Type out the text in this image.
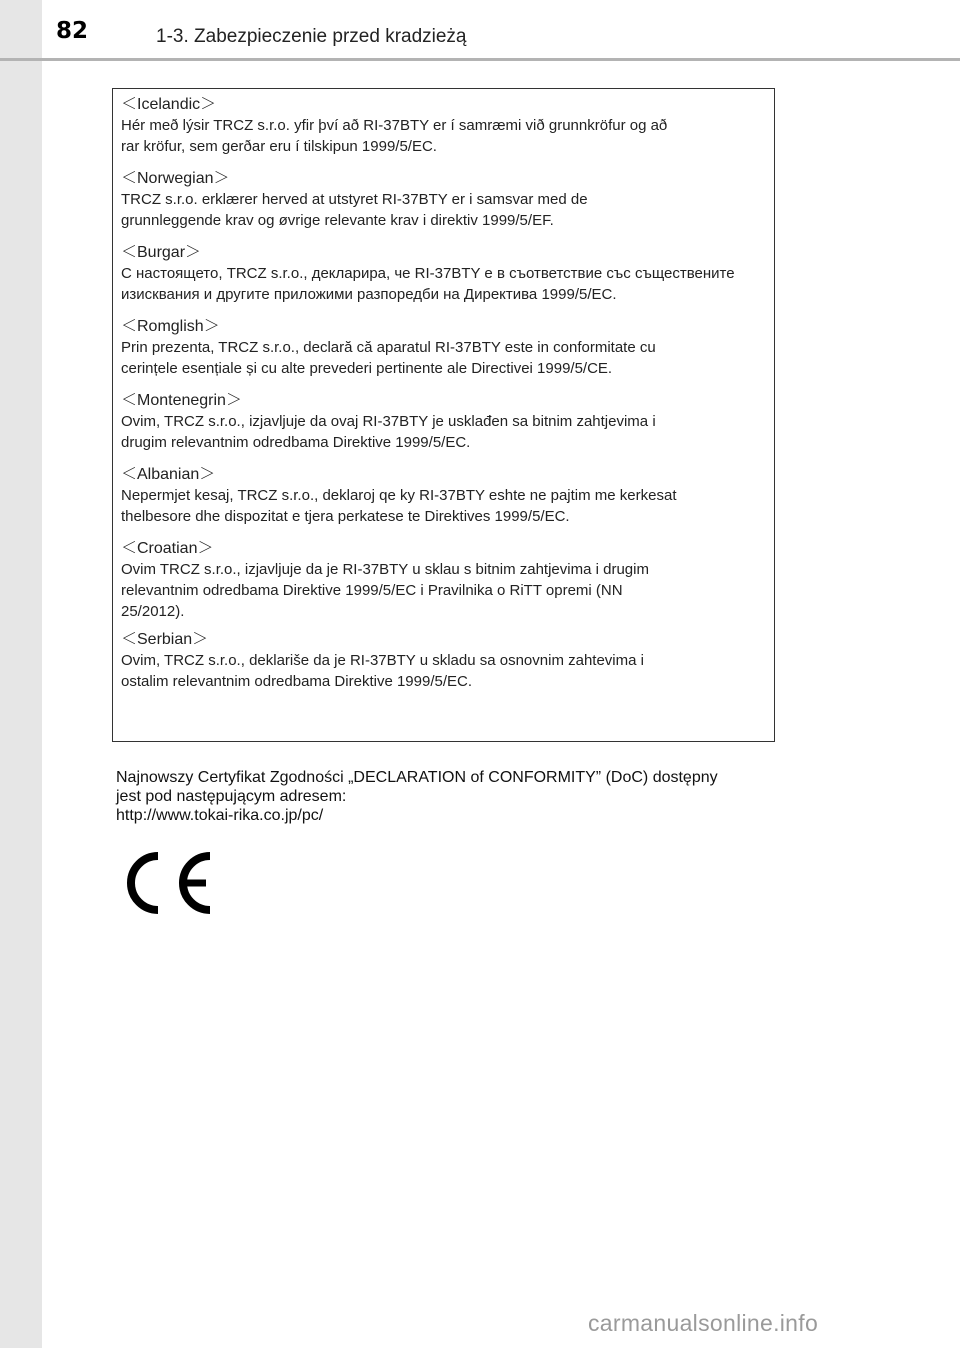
82	1-3. Zabezpieczenie przed kradzieżą

＜Icelandic＞

Hér með lýsir TRCZ s.r.o. yfir því að RI-37BTY er í samræmi við grunnkröfur og að
rar kröfur, sem gerðar eru í tilskipun 1999/5/EC.

＜Norwegian＞

TRCZ s.r.o. erklærer herved at utstyret RI-37BTY er i samsvar med de
grunnleggende krav og øvrige relevante krav i direktiv 1999/5/EF.

＜Burgar＞

С настоящето, TRCZ s.r.o., декларира, че RI-37BTY е в съответствие със съществените изисквания и другите приложими разпоредби на Директива 1999/5/ЕС.

＜Romglish＞

Prin prezenta, TRCZ s.r.o., declară că aparatul RI-37BTY este in conformitate cu
cerințele esențiale și cu alte prevederi pertinente ale Directivei 1999/5/CE.

＜Montenegrin＞

Ovim, TRCZ s.r.o., izjavljuje da ovaj RI-37BTY je usklađen sa bitnim zahtjevima i
drugim relevantnim odredbama Direktive 1999/5/EC.

＜Albanian＞

Nepermjet kesaj, TRCZ s.r.o., deklaroj qe ky RI-37BTY eshte ne pajtim me kerkesat
thelbesore dhe dispozitat e tjera perkatese te Direktives 1999/5/EC.

＜Croatian＞

Ovim TRCZ s.r.o., izjavljuje da je RI-37BTY u sklau s bitnim zahtjevima i drugim
relevantnim odredbama Direktive 1999/5/EC i Pravilnika o RiTT opremi (NN
25/2012).

＜Serbian＞

Ovim, TRCZ s.r.o., deklariše da je RI-37BTY u skladu sa osnovnim zahtevima i
ostalim relevantnim odredbama Direktive 1999/5/EC.

Najnowszy Certyfikat Zgodności „DECLARATION of CONFORMITY” (DoC) dostępny
jest pod następującym adresem:
http://www.tokai-rika.co.jp/pc/
carmanualsonline.info
